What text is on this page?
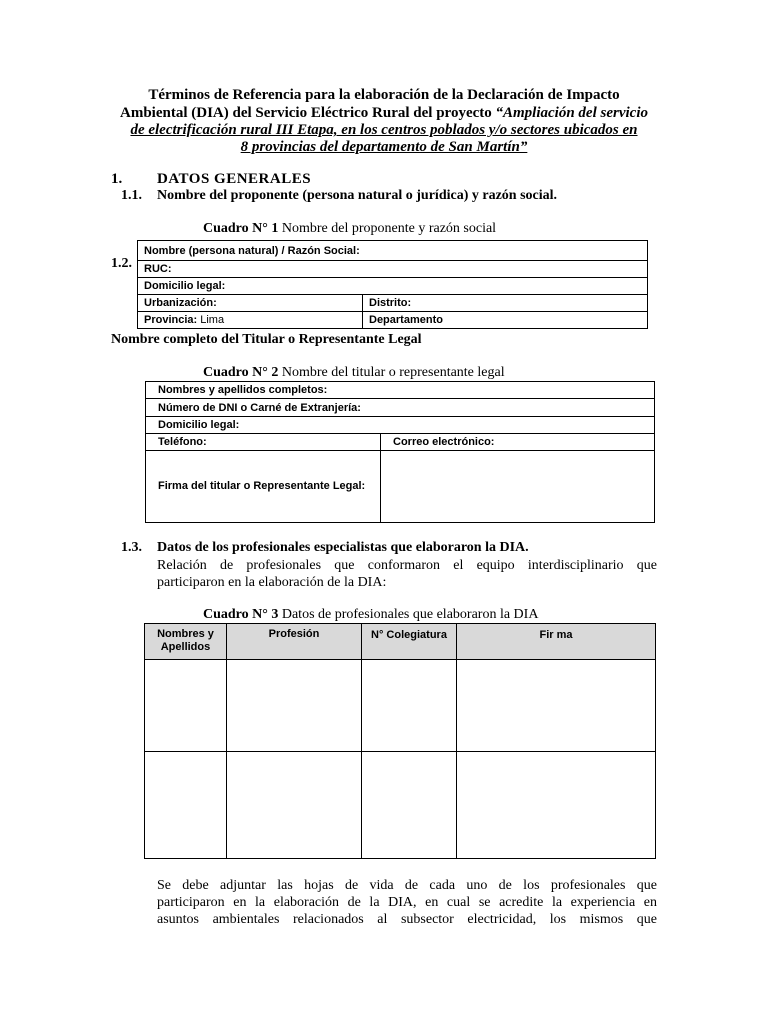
Términos de Referencia para la elaboración de la Declaración de Impacto
Ambiental (DIA) del Servicio Eléctrico Rural del proyecto “Ampliación del servicio
de electrificación rural III Etapa, en los centros poblados y/o sectores ubicados en
8 provincias del departamento de San Martín”
1. DATOS GENERALES
1.1. Nombre del proponente (persona natural o jurídica) y razón social.
Cuadro N° 1 Nombre del proponente y razón social
1.2.
Nombre (persona natural) / Razón Social:	
RUC:	
Domicilio legal:	
Urbanización:	Distrito:
Provincia: Lima	Departamento
Nombre completo del Titular o Representante Legal
Cuadro N° 2 Nombre del titular o representante legal
Nombres y apellidos completos:	
Número de DNI o Carné de Extranjería:	
Domicilio legal:	
Teléfono:	Correo electrónico:
Firma del titular o Representante Legal:	
1.3. Datos de los profesionales especialistas que elaboraron la DIA.
Relación de profesionales que conformaron el equipo interdisciplinario que
participaron en la elaboración de la DIA:
Cuadro N° 3 Datos de profesionales que elaboraron la DIA
Nombres y Apellidos	Profesión	N° Colegiatura	Fir ma

Se debe adjuntar las hojas de vida de cada uno de los profesionales que
participaron en la elaboración de la DIA, en cual se acredite la experiencia en
asuntos ambientales relacionados al subsector electricidad, los mismos que
